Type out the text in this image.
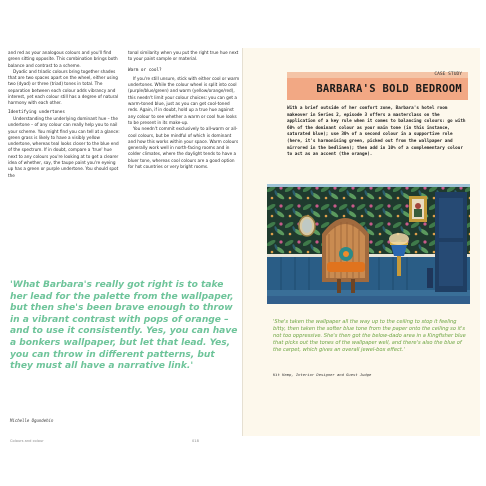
and red as your analogous colours and you'll find green sitting opposite. This combination brings both balance and contrast to a scheme.

Dyadic and triadic colours bring together shades that are two spaces apart on the wheel, either using two (dyad) or three (triad) tones in total. The separation between each colour adds vibrancy and interest, yet each colour still has a degree of natural harmony with each other.

Identifying undertones

Understanding the underlying dominant hue – the undertone – of any colour can really help you to nail your scheme. You might find you can tell at a glance: green grass is likely to have a visibly yellow undertone, whereas teal looks closer to the blue end of the spectrum. If in doubt, compare a 'true' hue next to any colours you're looking at to get a clearer idea of whether, say, the taupe paint you're eyeing up has a green or purple undertone. You should spot the

tonal similarity when you put the right true hue next to your paint sample or material.

Warm or cool?

If you're still unsure, stick with either cool or warm undertones. While the colour wheel is split into cool (purple/blue/green) and warm (yellow/orange/red), this needn't limit your colour choices: you can get a warm-toned blue, just as you can get cool-toned reds. Again, if in doubt, hold up a true hue against any colour to see whether a warm or cool hue looks to be present in its make-up.

You needn't commit exclusively to all-warm or all-cool colours, but be mindful of which is dominant and how this works within your space. Warm colours generally work well in north-facing rooms and in colder climates, where the daylight tends to have a bluer tone, whereas cool colours are a good option for hot countries or very bright rooms.

'What Barbara's really got right is to take her lead for the palette from the wallpaper, but then she's been brave enough to throw in a vibrant contrast with pops of orange – and to use it consistently. Yes, you can have a bonkers wallpaper, but let that lead. Yes, you can throw in different patterns, but they must all have a narrative link.'

Michelle Ogundehin
Colours and colour	018
CASE STUDY
BARBARA'S BOLD BEDROOM

With a brief outside of her comfort zone, Barbara's hotel room makeover in Series 2, episode 3 offers a masterclass on the application of a key rule when it comes to balancing colours: go with 60% of the dominant colour as your main tone (in this instance, saturated blue); use 30% of a second colour in a supportive role (here, it's harmonising green, picked out from the wallpaper and mirrored in the bedlinen); then add in 10% of a complementary colour to act as an accent (the orange).

'She's taken the wallpaper all the way up to the ceiling to stop it feeling bitty, then taken the softer blue tone from the paper onto the ceiling so it's not too oppressive. She's then got the below-dado area in a Kingfisher blue that picks out the tones of the wallpaper well, and there's also the blue of the carpet, which gives an overall jewel-box effect.'

Kit Kemp, Interior Designer and Guest Judge
